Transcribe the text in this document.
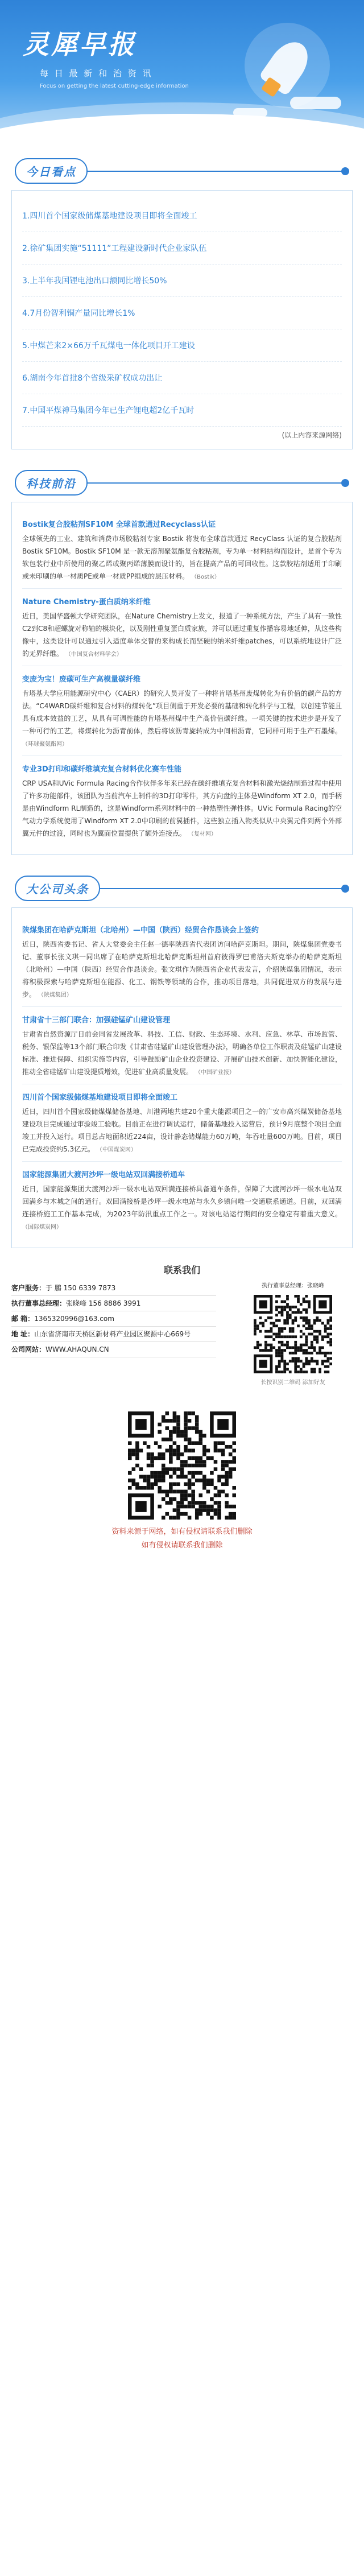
灵犀早报
每 日 最 新 和 治 资 讯
Focus on getting the latest cutting-edge information
今日看点
1.四川首个国家级储煤基地建设项目即将全面竣工
2.徐矿集团实施“51111”工程建设新时代企业家队伍
3.上半年我国锂电池出口额同比增长50%
4.7月份智利铜产量同比增长1%
5.中煤芒来2×66万千瓦煤电一体化项目开工建设
6.湖南今年首批8个省级采矿权成功出让
7.中国平煤神马集团今年已生产锂电超2亿千瓦时
(以上内容来源网络)
科技前沿
Bostik复合胶粘剂SF10M 全球首款通过Recyclass认证
全球领先的工业、建筑和消费市场胶粘剂专家 Bostik 将发布全球首款通过 RecyClass 认证的复合胶粘剂 Bostik SF10M。Bostik SF10M 是一款无溶剂聚氨酯复合胶粘剂，专为单一材料结构而设计，是首个专为软包装行业中所使用的聚乙烯或聚丙烯薄膜而设计的，旨在提高产品的可回收性。这款胶粘剂适用于印刷或未印刷的单一材质PE或单一材质PP组成的层压材料。 （Bostik）
Nature Chemistry-蛋白质纳米纤维
近日，美国华盛顿大学研究团队，在Nature Chemistry上发文，报道了一种系统方法，产生了具有一致性C2到C8和超螺旋对称轴的模块化，以及刚性重复蛋白质家族，并可以通过重复作播容易地延伸，从这些构像中，这类设计可以通过引入适度单体交替的来构成长而坚硬的纳米纤维patches，可以系统地设计广泛的无界纤维。 （中国复合材料学会）
变废为宝！废碳可生产高模量碳纤维
肯塔基大学应用能源研究中心（CAER）的研究人员开发了一种将肯塔基州废煤转化为有价值的碳产品的方法。“C4WARD碳纤维和复合材料的煤转化”项目侧重于开发必要的基础和转化科学与工程，以创建节能且具有成本效益的工艺，从具有可调性能的肯塔基州煤中生产高价值碳纤维。一项关键的技术进步是开发了一种可行的工艺，将煤转化为沥青前体，然后将该沥青旋转成为中间相沥青，它同样可用于生产石墨烯。 （环球聚氨酯网）
专业3D打印和碳纤维填充复合材料优化赛车性能
CRP USA和UVic Formula Racing合作伙伴多年来已经在碳纤维填充复合材料和激光烧结制造过程中使用了许多功能部件，该团队为当前汽车上制件的3D打印零件，其方向盘的主体是Windform XT 2.0，而手柄是由Windform RL制造的，这是Windform系列材料中的一种热塑性弹性体。UVic Formula Racing的空气动力学系统使用了Windform XT 2.0中印刷的前翼插件，这些独立插入物类似从中央翼元件到两个外部翼元件的过渡，同时也为翼面位置提供了额外连接点。 （复材网）
大公司头条
陕煤集团在哈萨克斯坦（北哈州）—中国（陕西）经贸合作恳谈会上签约
近日，陕西省委书记、省人大常委会主任赵一德率陕西省代表团访问哈萨克斯坦。期间，陕煤集团党委书记、董事长张文琪一同出席了在哈萨克斯坦北哈萨克斯坦州首府彼得罗巴甫洛夫斯克举办的哈萨克斯坦（北哈州）—中国（陕西）经贸合作恳谈会。张文琪作为陕西省企业代表发言，介绍陕煤集团情况，表示将积极探索与哈萨克斯坦在能源、化工、钢铁等领域的合作，推动项目落地，共同促进双方的发展与进步。 （陕煤集团）
甘肃省十三部门联合：加强硅锰矿山建设管理
甘肃省自然资源厅日前会同省发展改革、科技、工信、财政、生态环境、水利、应急、林草、市场监管、税务、银保监等13个部门联合印发《甘肃省硅锰矿山建设管理办法》，明确各单位工作职责及硅锰矿山建设标准、推进保障、组织实施等内容，引导鼓励矿山企业投资建设、开展矿山技术创新、加快智能化建设，推动全省硅锰矿山建设提质增效，促进矿业高质量发展。 （中国矿业报）
四川首个国家级储煤基地建设项目即将全面竣工
近日，四川首个国家级储煤煤储备基地、川港两地共建20个重大能源项目之一的广安市高兴煤炭储备基地建设项目完成通过审验竣工验收。目前正在进行调试运行，储备基地投入运营后，预计9月底整个项目全面竣工并投入运行。项目总占地面积近224亩，设计静态储煤能力60万吨，年吞吐量600万吨。目前，项目已完成投资约5.3亿元。 （中国煤炭网）
国家能源集团大渡河沙坪一级电站双回满接桥通车
近日，国家能源集团大渡河沙坪一级水电站双回满连接桥具备通车条件，保障了大渡河沙坪一级水电站双回满乡与木城之间的通行。双回满接桥是沙坪一级水电站与永久乡镇间唯一交通联系通道。目前，双回满连接桥施工工作基本完成，为2023年防汛重点工作之一。对该电站运行期间的安全稳定有着重大意义。 （国际煤炭网）
联系我们
客户服务：于 鹏 150 6339 7873
执行董事总经理：张晓峰 156 8886 3991
邮 箱：1365320996@163.com
地 址：山东省济南市天桥区新材料产业园区聚源中心669号
公司网站：WWW.AHAQUN.CN
执行董事总经理：张晓峰
长按识别二维码 添加好友
资料来源于网络，如有侵权请联系我们删除
如有侵权请联系我们删除
